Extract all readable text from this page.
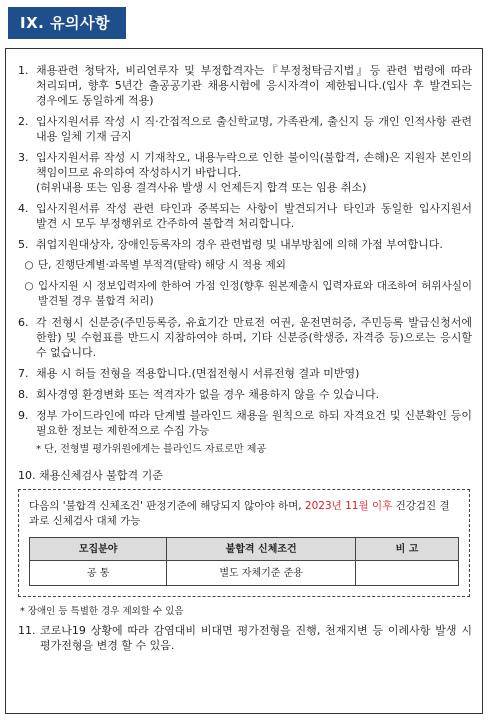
IX. 유의사항
1. 채용관련 청탁자, 비리연루자 및 부정합격자는『부정청탁금지법』등 관련 법령에 따라 처리되며, 향후 5년간 출공공기관 채용시험에 응시자격이 제한됩니다.(입사 후 발견되는 경우에도 동일하게 적용)
2. 입사지원서류 작성 시 직·간접적으로 출신학교명, 가족관계, 출신지 등 개인 인적사항 관련 내용 일체 기재 금지
3. 입사지원서류 작성 시 기재착오, 내용누락으로 인한 불이익(불합격, 손해)은 지원자 본인의 책임이므로 유의하여 작성하시기 바랍니다.
(허위내용 또는 임용 결격사유 발생 시 언제든지 합격 또는 임용 취소)
4. 입사지원서류 작성 관련 타인과 중복되는 사항이 발견되거나 타인과 동일한 입사지원서 발견 시 모두 부정행위로 간주하여 불합격 처리합니다.
5. 취업지원대상자, 장애인등록자의 경우 관련법령 및 내부방침에 의해 가점 부여합니다.
○ 단, 진행단계별·과목별 부적격(탈락) 해당 시 적용 제외
○ 입사지원 시 정보입력자에 한하여 가점 인정(향후 원본제출시 입력자료와 대조하여 허위사실이 발견될 경우 불합격 처리)
6. 각 전형시 신분증(주민등록증, 유효기간 만료전 여권, 운전면허증, 주민등록 발급신청서에 한함) 및 수험표를 반드시 지참하여야 하며, 기타 신분증(학생증, 자격증 등)으로는 응시할 수 없습니다.
7. 채용 시 허들 전형을 적용합니다.(면접전형시 서류전형 결과 미반영)
8. 회사경영 환경변화 또는 적격자가 없을 경우 채용하지 않을 수 있습니다.
9. 정부 가이드라인에 따라 단계별 블라인드 채용을 원칙으로 하되 자격요건 및 신분확인 등이 필요한 정보는 제한적으로 수집 가능
* 단, 전형별 평가위원에게는 블라인드 자료로만 제공
10. 채용신체검사 불합격 기준
다음의 '불합격 신체조건' 판정기준에 해당되지 않아야 하며, 2023년 11월 이후 건강검진 결과로 신체검사 대체 가능
모집분야	불합격 신체조건	비 고
공 통	별도 자체기준 준용	
* 장애인 등 특별한 경우 제외할 수 있음
11. 코로나19 상황에 따라 감염대비 비대면 평가전형을 진행, 천재지변 등 이례사항 발생 시 평가전형을 변경 할 수 있음.
